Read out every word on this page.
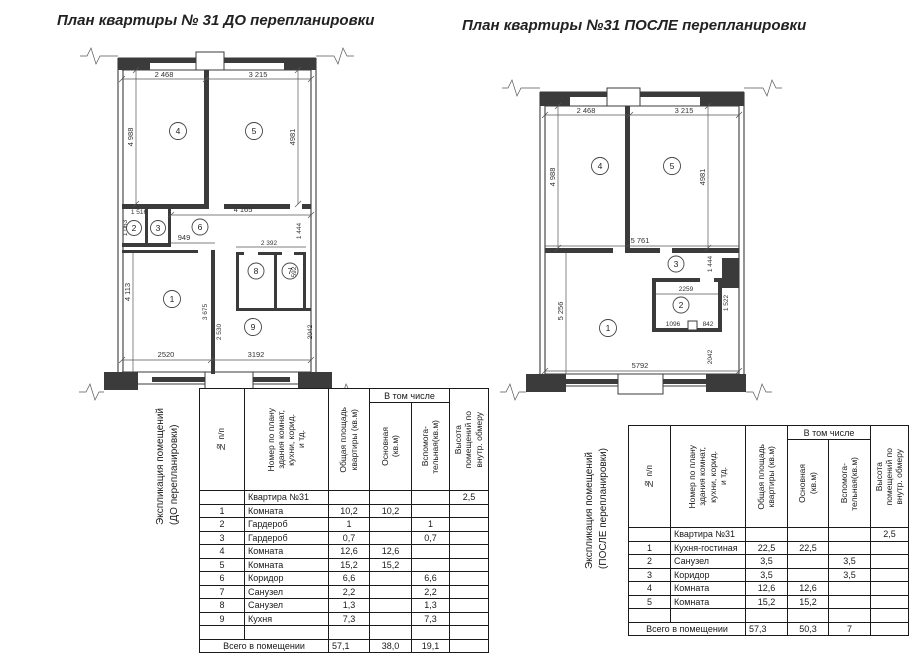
План квартиры № 31 ДО перепланировки	План квартиры №31 ПОСЛЕ перепланировки
2 468	3 215
4 988	4981
1 516
1 063
4 165
949	1 444
2 392
592
4 113
3 675
2 530
2520	3192
2042
4	5
2 3	6
8	7
1
9
2 468	3 215
4 988	4981
5 761
1 444
2259
1 522
1096	842
5 256
5792
2042
4	5
3
2
1
Экспликация помещений (ДО перепланировки)	№ п/п	Номер по плану здания комнат, кухни, корид. и тд.	Общая площадь квартиры (кв.м)	В том числе		Высота помещений по внутр. обмеру

			Основная (кв.м)	Вспомога- тельная(кв.м)	

	Квартира №31				2,5
1	Комната	10,2	10,2		
2	Гардероб	1		1	
3	Гардероб	0,7		0,7	
4	Комната	12,6	12,6		
5	Комната	15,2	15,2		
6	Коридор	6,6		6,6	
7	Санузел	2,2		2,2	
8	Санузел	1,3		1,3	
9	Кухня	7,3		7,3	

Всего в помещении		57,1	38,0	19,1	
Экспликация помещений (ПОСЛЕ перепланировки)	№ п/п	Номер по плану здания комнат, кухни, корид. и тд.	Общая площадь квартиры (кв.м)	В том числе		Высота помещений по внутр. обмеру

			Основная (кв.м)	Вспомога- тельная(кв.м)	

	Квартира №31				2,5
1	Кухня-гостиная	22,5	22,5		
2	Санузел	3,5		3,5	
3	Коридор	3,5		3,5	
4	Комната	12,6	12,6		
5	Комната	15,2	15,2		

Всего в помещении		57,3	50,3	7	
